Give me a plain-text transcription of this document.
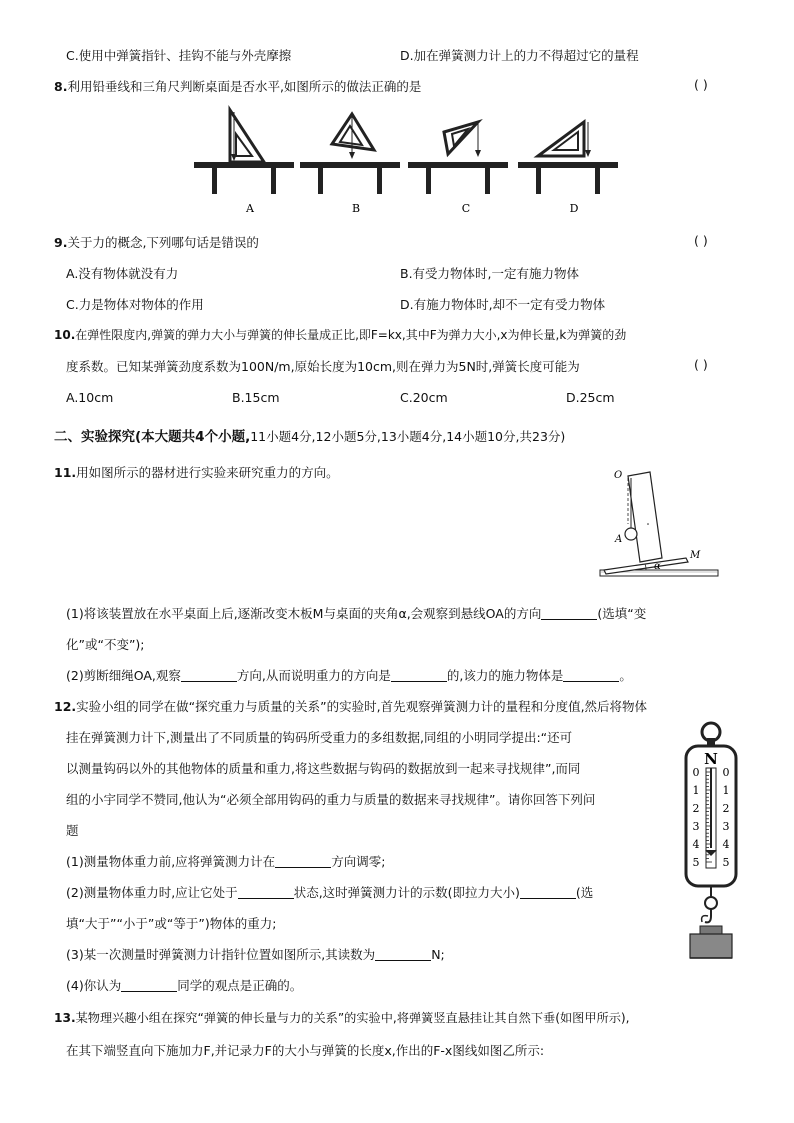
C.使用中弹簧指针、挂钩不能与外壳摩擦	D.加在弹簧测力计上的力不得超过它的量程
8.利用铅垂线和三角尺判断桌面是否水平,如图所示的做法正确的是	( )
A	B	C	D
9.关于力的概念,下列哪句话是错误的	( )
A.没有物体就没有力	B.有受力物体时,一定有施力物体
C.力是物体对物体的作用	D.有施力物体时,却不一定有受力物体
10.在弹性限度内,弹簧的弹力大小与弹簧的伸长量成正比,即F=kx,其中F为弹力大小,x为伸长量,k为弹簧的劲
度系数。已知某弹簧劲度系数为100N/m,原始长度为10cm,则在弹力为5N时,弹簧长度可能为	( )
A.10cm	B.15cm	C.20cm	D.25cm
二、实验探究(本大题共4个小题,11小题4分,12小题5分,13小题4分,14小题10分,共23分)
11.用如图所示的器材进行实验来研究重力的方向。	O
A
M
α
(1)将该装置放在水平桌面上后,逐渐改变木板M与桌面的夹角α,会观察到悬线OA的方向	(选填“变
化”或“不变”);
(2)剪断细绳OA,观察	方向,从而说明重力的方向是	的,该力的施力物体是	。
12.实验小组的同学在做“探究重力与质量的关系”的实验时,首先观察弹簧测力计的量程和分度值,然后将物体
挂在弹簧测力计下,测量出了不同质量的钩码所受重力的多组数据,同组的小明同学提出:“还可
以测量钩码以外的其他物体的质量和重力,将这些数据与钩码的数据放到一起来寻找规律”,而同
组的小宇同学不赞同,他认为“必须全部用钩码的重力与质量的数据来寻找规律”。请你回答下列问
题
(1)测量物体重力前,应将弹簧测力计在	方向调零;
(2)测量物体重力时,应让它处于	状态,这时弹簧测力计的示数(即拉力大小)	(选
填“大于”“小于”或“等于”)物体的重力;
(3)某一次测量时弹簧测力计指针位置如图所示,其读数为	N;
(4)你认为	同学的观点是正确的。
N
0 0
1 1
2 2
3 3
4 4
5 5
13.某物理兴趣小组在探究“弹簧的伸长量与力的关系”的实验中,将弹簧竖直悬挂让其自然下垂(如图甲所示),
在其下端竖直向下施加力F,并记录力F的大小与弹簧的长度x,作出的F-x图线如图乙所示:
